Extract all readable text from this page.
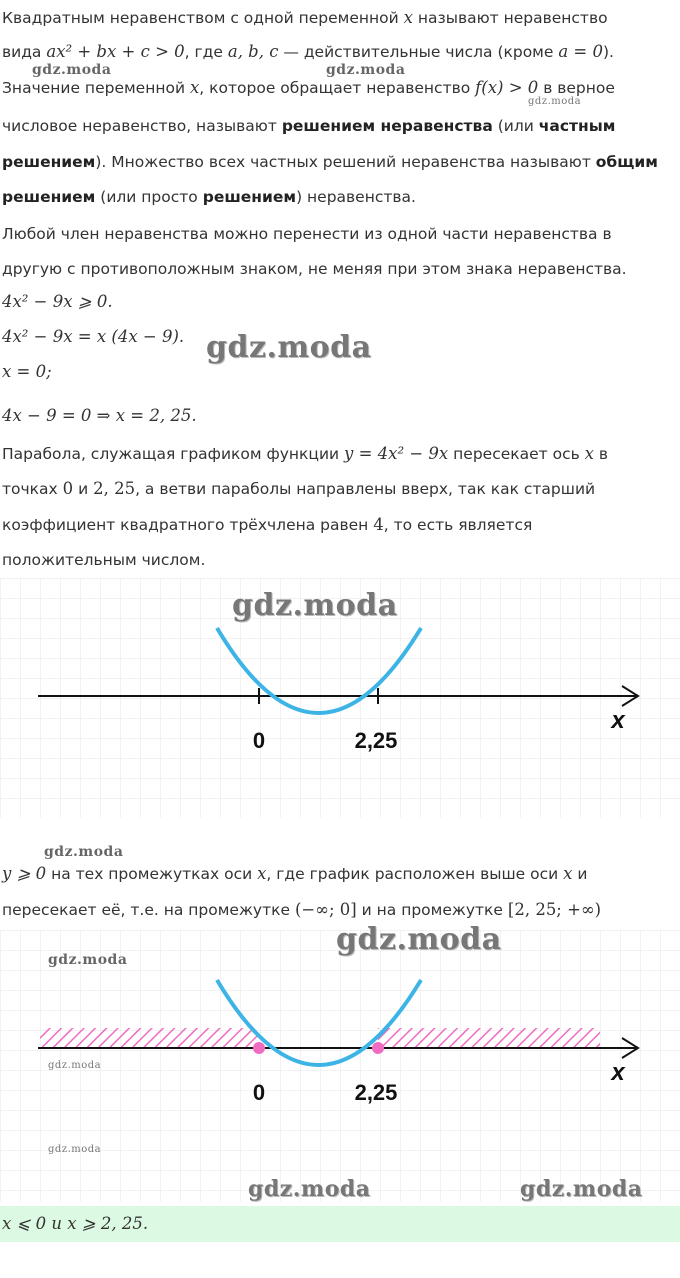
Квадратным неравенством с одной переменной x называют неравенство
вида ax² + bx + c > 0, где a, b, c — действительные числа (кроме a = 0).
Значение переменной x, которое обращает неравенство f(x) > 0 в верное
числовое неравенство, называют решением неравенства (или частным
решением). Множество всех частных решений неравенства называют общим
решением (или просто решением) неравенства.
Любой член неравенства можно перенести из одной части неравенства в
другую с противоположным знаком, не меняя при этом знака неравенства.
4x² − 9x ⩾ 0.
4x² − 9x = x (4x − 9).
x = 0;
4x − 9 = 0 ⇒ x = 2, 25.
Парабола, служащая графиком функции y = 4x² − 9x пересекает ось x в
точках 0 и 2, 25, а ветви параболы направлены вверх, так как старший
коэффициент квадратного трёхчлена равен 4, то есть является
положительным числом.
0	2,25
x
y ⩾ 0 на тех промежутках оси x, где график расположен выше оси x и
пересекает её, т.е. на промежутке (−∞; 0] и на промежутке [2, 25; +∞)
0	2,25
x
x ⩽ 0 и x ⩾ 2, 25.
gdz.moda	gdz.moda
gdz.moda
gdz.moda
gdz.moda
gdz.moda
gdz.moda
gdz.moda
gdz.moda
gdz.moda
gdz.moda	gdz.moda
